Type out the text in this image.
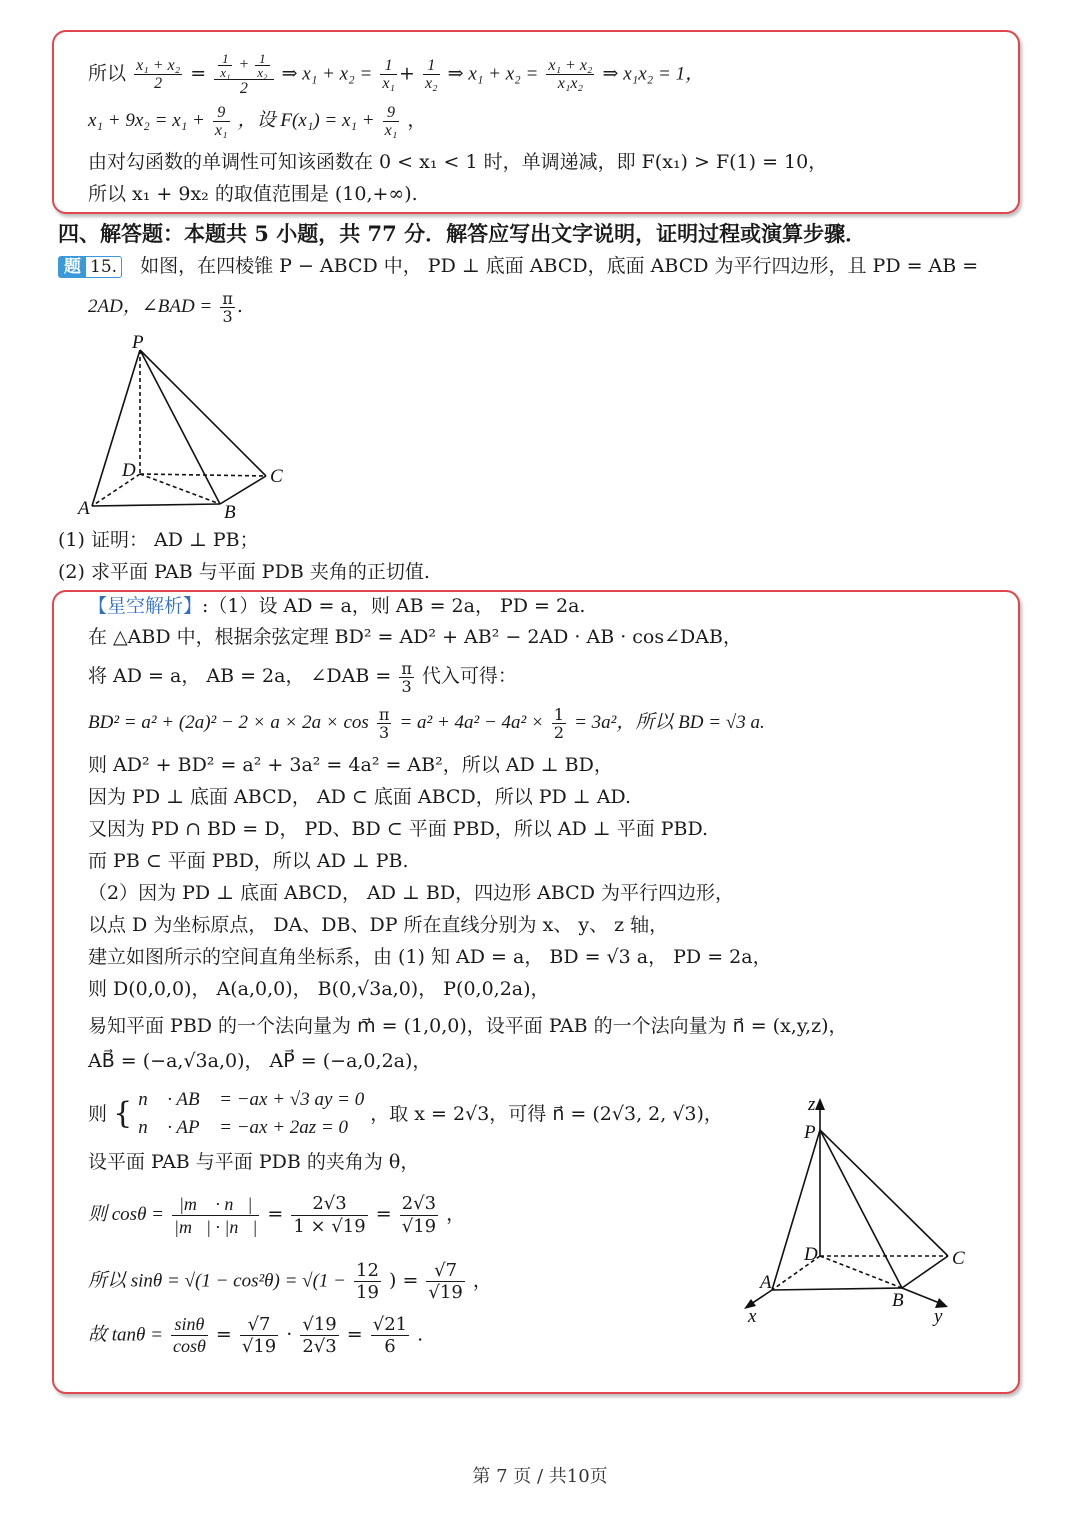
所以 $\frac{\text{x₁ + x₂}}{2} = \frac{\frac{1}{\text{x₁}} + \frac{1}{\text{x₂}}}{2}$ ⇒ $x_1 + x_2 = \frac{1}{\text{x₁}} + \frac{1}{\text{x₂}}$ ⇒ $x_1 + x_2 = \frac{\text{x₁ + x₂}}{\text{x₁x₂}}$ ⇒ x₁x₂ = 1，
$x_1 + 9x_2 = x_1 + \frac{9}{\text{x₁}}$ ，设 $F(x_1) = x_1 + \frac{9}{\text{x₁}}$ ，
由对勾函数的单调性可知该函数在 0 < x₁ < 1 时，单调递减，即 F(x₁) > F(1) = 10，
所以 x₁ + 9x₂ 的取值范围是 (10,+∞).
四、解答题：本题共 5 小题，共 77 分．解答应写出文字说明，证明过程或演算步骤．
题 15. 如图，在四棱锥 P − ABCD 中， PD ⊥ 底面 ABCD，底面 ABCD 为平行四边形，且 PD = AB =
2AD，∠BAD = $\frac{\pi}{3}$ .
P
D	C
A	B
(1) 证明： AD ⊥ PB；
(2) 求平面 PAB 与平面 PDB 夹角的正切值.
【星空解析】:（1）设 AD = a，则 AB = 2a， PD = 2a.
在 △ABD 中，根据余弦定理 BD² = AD² + AB² − 2AD · AB · cos∠DAB，
将 AD = a， AB = 2a， ∠DAB = $\frac{\pi}{3}$ 代入可得：
$BD^2 = a^2 + (2a)^2 - 2 \times a \times 2a \times \cos \frac{\pi}{3} = a^2 + 4a^2 - 4a^2 \times \frac{1}{2} = 3a^2$，所以 BD = √3 a.
则 AD² + BD² = a² + 3a² = 4a² = AB²，所以 AD ⊥ BD，
因为 PD ⊥ 底面 ABCD， AD ⊂ 底面 ABCD，所以 PD ⊥ AD.
又因为 PD ∩ BD = D， PD、BD ⊂ 平面 PBD，所以 AD ⊥ 平面 PBD.
而 PB ⊂ 平面 PBD，所以 AD ⊥ PB.
（2）因为 PD ⊥ 底面 ABCD， AD ⊥ BD，四边形 ABCD 为平行四边形，
以点 D 为坐标原点， DA、DB、DP 所在直线分别为 x、 y、 z 轴，
建立如图所示的空间直角坐标系，由 (1) 知 AD = a， BD = √3 a， PD = 2a，
则 D(0,0,0)， A(a,0,0)， B(0,√3a,0)， P(0,0,2a)，
易知平面 PBD 的一个法向量为 m⃗ = (1,0,0)，设平面 PAB 的一个法向量为 n⃗ = (x,y,z)，
AB⃗ = (−a,√3a,0)， AP⃗ = (−a,0,2a)，
则 { n⃗ · AB⃗ = −ax + √3 ay = 0
n⃗ · AP⃗ = −ax + 2az = 0
，取 x = 2√3，可得 n⃗ = (2√3, 2, √3)，
设平面 PAB 与平面 PDB 的夹角为 θ，
则 $\cos\theta = \frac{|m⃗ \cdot n⃗|}{|m⃗| \cdot |n⃗|} = \frac{2√3}{1 \times √19} = \frac{2√3}{√19}$ ，
所以 $\sin\theta = √(1 - \cos^2\theta) = √(1 - \frac{12}{19}$ ) = $\frac{√7}{√19}$ ，
故 $\tan\theta = \frac{\sin\theta}{\cos\theta} = \frac{√7}{√19} \cdot \frac{√19}{2√3} = \frac{√21}{6}$ .
z
P
D	C
A
B
x	y
第 7 页 / 共10页
